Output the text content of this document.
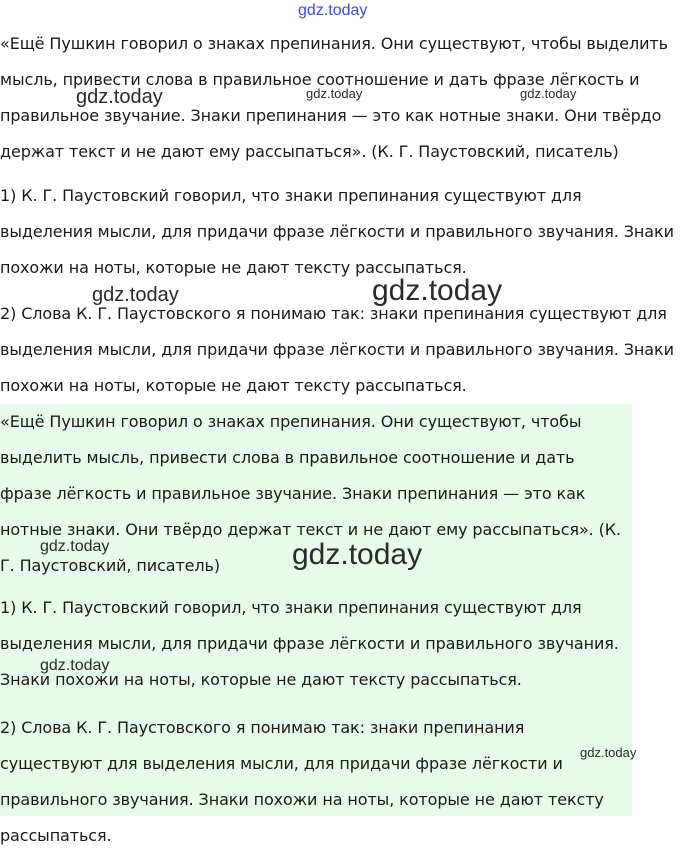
«Ещё Пушкин говорил о знаках препинания. Они существуют, чтобы выделить мысль, привести слова в правильное соотношение и дать фразе лёгкость и правильное звучание. Знаки препинания — это как нотные знаки. Они твёрдо держат текст и не дают ему рассыпаться». (К. Г. Паустовский, писатель)

1) К. Г. Паустовский говорил, что знаки препинания существуют для выделения мысли, для придачи фразе лёгкости и правильного звучания. Знаки похожи на ноты, которые не дают тексту рассыпаться.

2) Слова К. Г. Паустовского я понимаю так: знаки препинания существуют для выделения мысли, для придачи фразе лёгкости и правильного звучания. Знаки похожи на ноты, которые не дают тексту рассыпаться.

«Ещё Пушкин говорил о знаках препинания. Они существуют, чтобы выделить мысль, привести слова в правильное соотношение и дать фразе лёгкость и правильное звучание. Знаки препинания — это как нотные знаки. Они твёрдо держат текст и не дают ему рассыпаться». (К. Г. Паустовский, писатель)

1) К. Г. Паустовский говорил, что знаки препинания существуют для выделения мысли, для придачи фразе лёгкости и правильного звучания. Знаки похожи на ноты, которые не дают тексту рассыпаться.

2) Слова К. Г. Паустовского я понимаю так: знаки препинания существуют для выделения мысли, для придачи фразе лёгкости и правильного звучания. Знаки похожи на ноты, которые не дают тексту рассыпаться.

gdz.today
gdz.today	gdz.today	gdz.today
gdz.today	gdz.today
gdz.today	gdz.today
gdz.today
gdz.today
